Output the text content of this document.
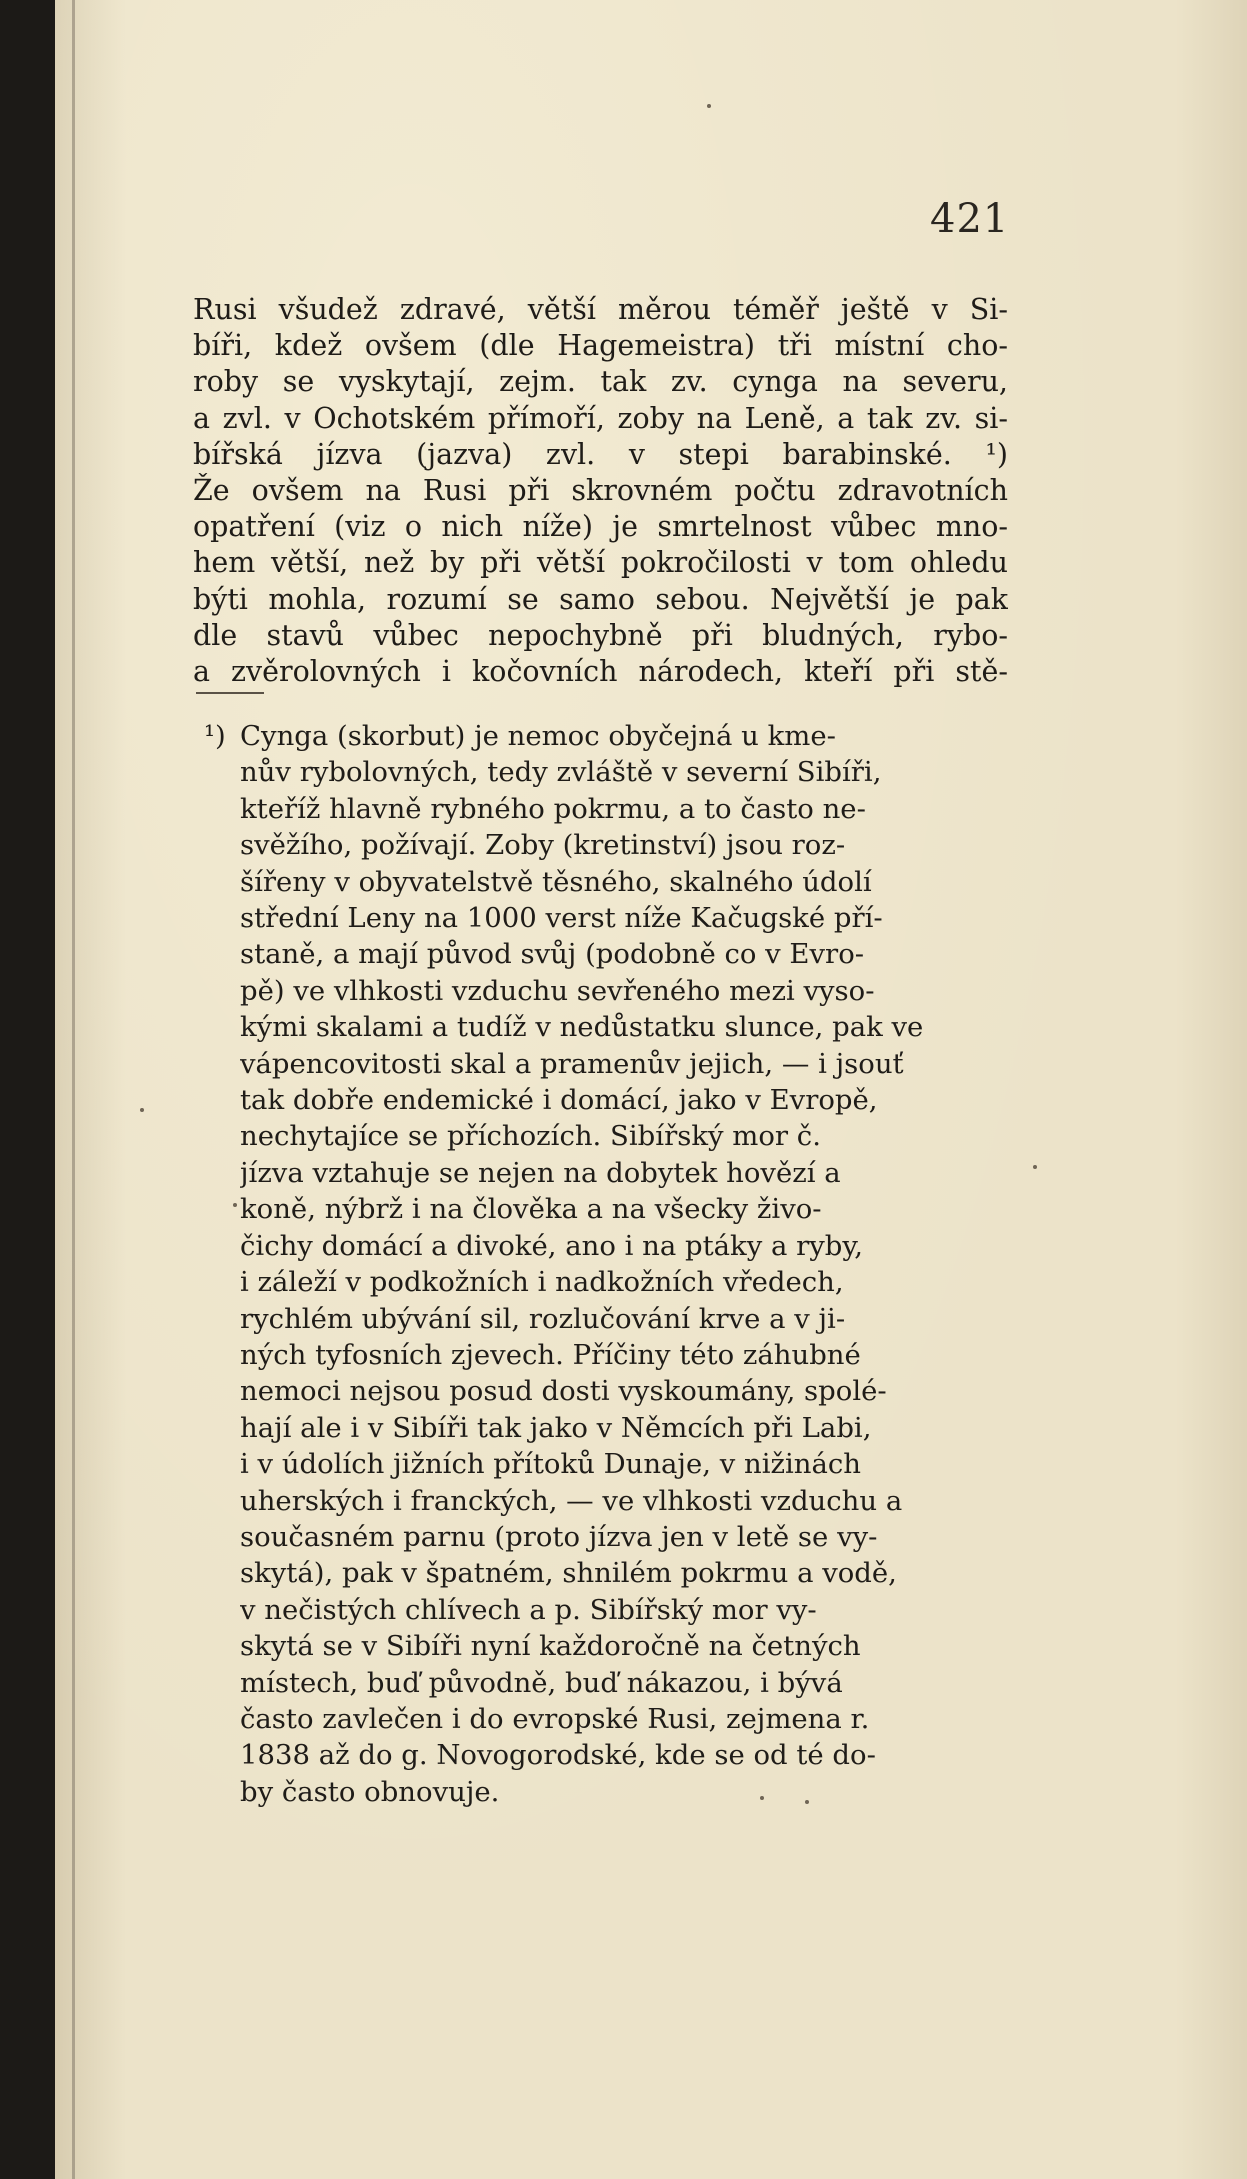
421
Rusi všudež zdravé, větší měrou téměř ještě v Si-
bíři, kdež ovšem (dle Hagemeistra) tři místní cho-
roby se vyskytají, zejm. tak zv. cynga na severu,
a zvl. v Ochotském přímoří, zoby na Leně, a tak zv. si-
bířská jízva (jazva) zvl. v stepi barabinské. ¹)
Že ovšem na Rusi při skrovném počtu zdravotních
opatření (viz o nich níže) je smrtelnost vůbec mno-
hem větší, než by při větší pokročilosti v tom ohledu
býti mohla, rozumí se samo sebou. Největší je pak
dle stavů vůbec nepochybně při bludných, rybo-
a zvěrolovných i kočovních národech, kteří při stě-
¹) Cynga (skorbut) je nemoc obyčejná u kme-
nův rybolovných, tedy zvláště v severní Sibíři,
kteříž hlavně rybného pokrmu, a to často ne-
svěžího, požívají. Zoby (kretinství) jsou roz-
šířeny v obyvatelstvě těsného, skalného údolí
střední Leny na 1000 verst níže Kačugské pří-
staně, a mají původ svůj (podobně co v Evro-
pě) ve vlhkosti vzduchu sevřeného mezi vyso-
kými skalami a tudíž v nedůstatku slunce, pak ve
vápencovitosti skal a pramenův jejich, — i jsouť
tak dobře endemické i domácí, jako v Evropě,
nechytajíce se příchozích. Sibířský mor č.
jízva vztahuje se nejen na dobytek hovězí a
koně, nýbrž i na člověka a na všecky živo-
čichy domácí a divoké, ano i na ptáky a ryby,
i záleží v podkožních i nadkožních vředech,
rychlém ubývání sil, rozlučování krve a v ji-
ných tyfosních zjevech. Příčiny této záhubné
nemoci nejsou posud dosti vyskoumány, spolé-
hají ale i v Sibíři tak jako v Němcích při Labi,
i v údolích jižních přítoků Dunaje, v nižinách
uherských i franckých, — ve vlhkosti vzduchu a
současném parnu (proto jízva jen v letě se vy-
skytá), pak v špatném, shnilém pokrmu a vodě,
v nečistých chlívech a p. Sibířský mor vy-
skytá se v Sibíři nyní každoročně na četných
místech, buď původně, buď nákazou, i bývá
často zavlečen i do evropské Rusi, zejmena r.
1838 až do g. Novogorodské, kde se od té do-
by často obnovuje.
